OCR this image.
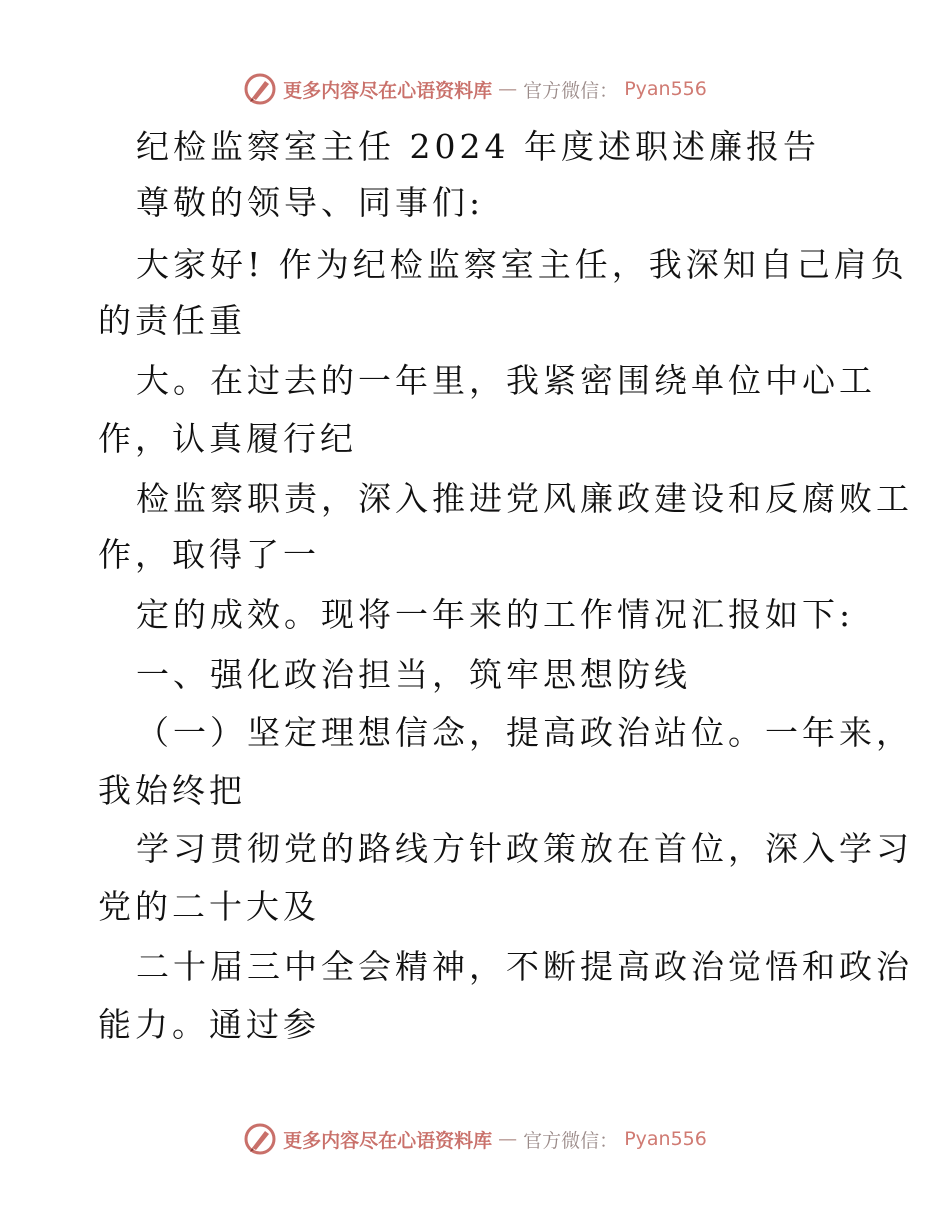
更多内容尽在心语资料库 — 官方微信： Pyan556
纪检监察室主任 2024 年度述职述廉报告
尊敬的领导、同事们:
大家好! 作为纪检监察室主任，我深知自己肩负
的责任重
大。在过去的一年里，我紧密围绕单位中心工
作，认真履行纪
检监察职责，深入推进党风廉政建设和反腐败工
作，取得了一
定的成效。现将一年来的工作情况汇报如下:
一、强化政治担当，筑牢思想防线
（一）坚定理想信念，提高政治站位。一年来，
我始终把
学习贯彻党的路线方针政策放在首位，深入学习
党的二十大及
二十届三中全会精神，不断提高政治觉悟和政治
能力。通过参
更多内容尽在心语资料库 — 官方微信： Pyan556
